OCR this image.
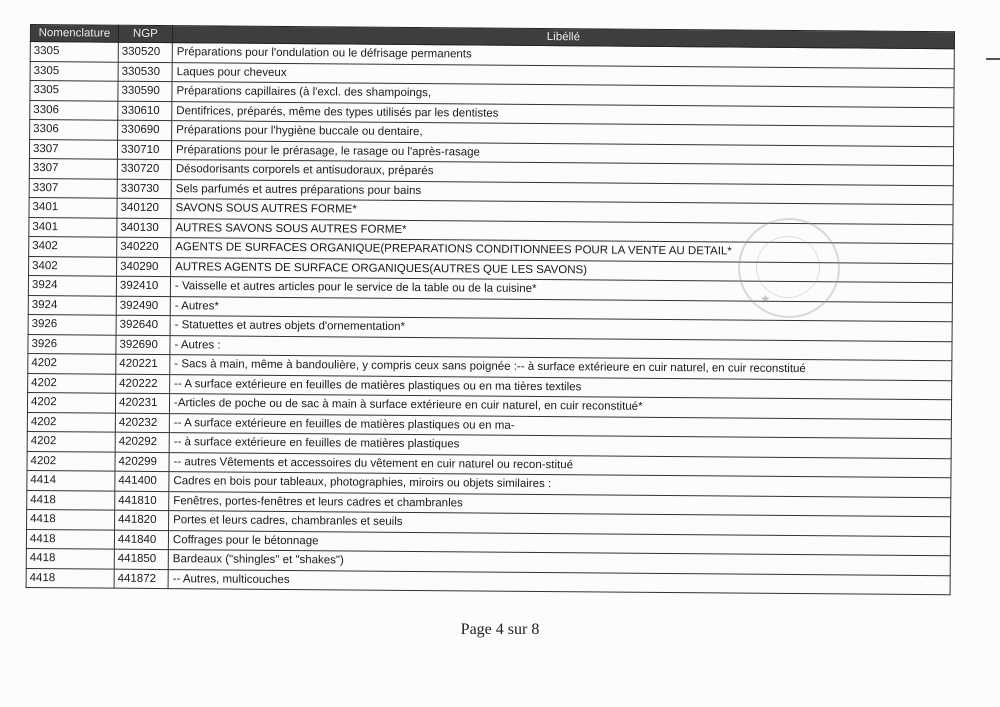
Nomenclature	NGP	Libéllé
3305	330520	Préparations pour l'ondulation ou le défrisage permanents
3305	330530	Laques pour cheveux
3305	330590	Préparations capillaires (à l'excl. des shampoings,
3306	330610	Dentifrices, préparés, même des types utilisés par les dentistes
3306	330690	Préparations pour l'hygiène buccale ou dentaire,
3307	330710	Préparations pour le prérasage, le rasage ou l'après-rasage
3307	330720	Désodorisants corporels et antisudoraux, préparés
3307	330730	Sels parfumés et autres préparations pour bains
3401	340120	SAVONS SOUS AUTRES FORME*
3401	340130	AUTRES SAVONS SOUS AUTRES FORME*
3402	340220	AGENTS DE SURFACES ORGANIQUE(PREPARATIONS CONDITIONNEES POUR LA VENTE AU DETAIL*
3402	340290	AUTRES AGENTS DE SURFACE ORGANIQUES(AUTRES QUE LES SAVONS)
3924	392410	- Vaisselle et autres articles pour le service de la table ou de la cuisine*
3924	392490	- Autres*
3926	392640	- Statuettes et autres objets d'ornementation*
3926	392690	- Autres :
4202	420221	- Sacs à main, même à bandoulière, y compris ceux sans poignée :-- à surface extérieure en cuir naturel, en cuir reconstitué
4202	420222	-- A surface extérieure en feuilles de matières plastiques ou en ma tières textiles
4202	420231	-Articles de poche ou de sac à main à surface extérieure en cuir naturel, en cuir reconstitué*
4202	420232	-- A surface extérieure en feuilles de matières plastiques ou en ma-
4202	420292	-- à surface extérieure en feuilles de matières plastiques
4202	420299	-- autres Vêtements et accessoires du vêtement en cuir naturel ou recon-stitué
4414	441400	Cadres en bois pour tableaux, photographies, miroirs ou objets similaires :
4418	441810	Fenêtres, portes-fenêtres et leurs cadres et chambranles
4418	441820	Portes et leurs cadres, chambranles et seuils
4418	441840	Coffrages pour le bétonnage
4418	441850	Bardeaux ("shingles" et "shakes")
4418	441872	-- Autres, multicouches
★
Page 4 sur 8
